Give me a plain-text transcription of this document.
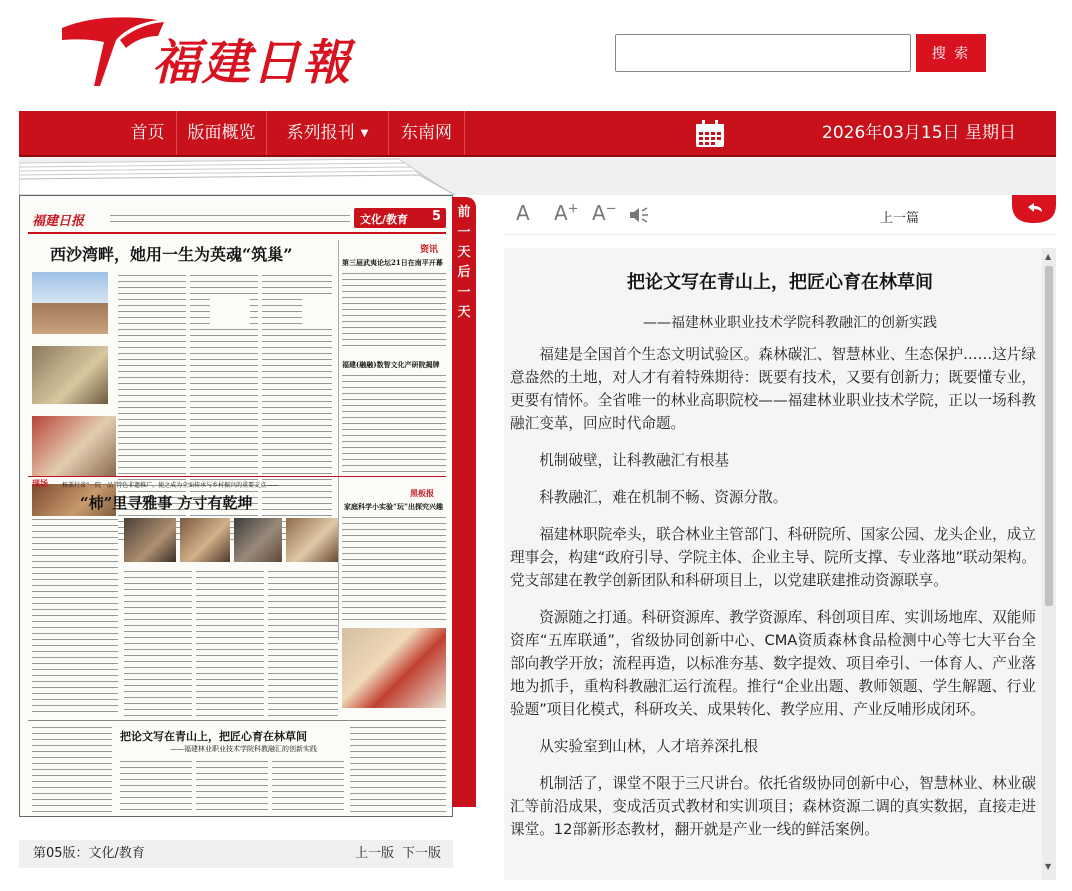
福建日報	搜 索
首页	版面概览	系列报刊 ▼	东南网	2026年03月15日 星期日
福建日报	文化/教育 5
西沙湾畔，她用一生为英魂“筑巢”	资讯
第三届武夷论坛21日在南平开幕
福建(融融)数智文化产研院揭牌
现场 杨栗行省“一院一品”特色非遗推广，使之成为全面传承与乡村振兴的重要支点——
“杮”里寻雅事 方寸有乾坤
黑板报
家庭科学小实验“玩”出探究兴趣
把论文写在青山上，把匠心育在林草间
——福建林业职业技术学院科教融汇的创新实践
第05版：文化/教育	上一版 下一版
前一天后一天
A A+ A−
上一篇
把论文写在青山上，把匠心育在林草间
——福建林业职业技术学院科教融汇的创新实践

福建是全国首个生态文明试验区。森林碳汇、智慧林业、生态保护……这片绿意盎然的土地，对人才有着特殊期待：既要有技术，又要有创新力；既要懂专业，更要有情怀。全省唯一的林业高职院校——福建林业职业技术学院，正以一场科教融汇变革，回应时代命题。

机制破壁，让科教融汇有根基

科教融汇，难在机制不畅、资源分散。

福建林职院牵头，联合林业主管部门、科研院所、国家公园、龙头企业，成立理事会，构建“政府引导、学院主体、企业主导、院所支撑、专业落地”联动架构。党支部建在教学创新团队和科研项目上，以党建联建推动资源联享。

资源随之打通。科研资源库、教学资源库、科创项目库、实训场地库、双能师资库“五库联通”，省级协同创新中心、CMA资质森林食品检测中心等七大平台全部向教学开放；流程再造，以标准夯基、数字提效、项目牵引、一体育人、产业落地为抓手，重构科教融汇运行流程。推行“企业出题、教师领题、学生解题、行业验题”项目化模式，科研攻关、成果转化、教学应用、产业反哺形成闭环。

从实验室到山林，人才培养深扎根

机制活了，课堂不限于三尺讲台。依托省级协同创新中心，智慧林业、林业碳汇等前沿成果，变成活页式教材和实训项目；森林资源二调的真实数据，直接走进课堂。12部新形态教材，翻开就是产业一线的鲜活案例。

▲
▼
